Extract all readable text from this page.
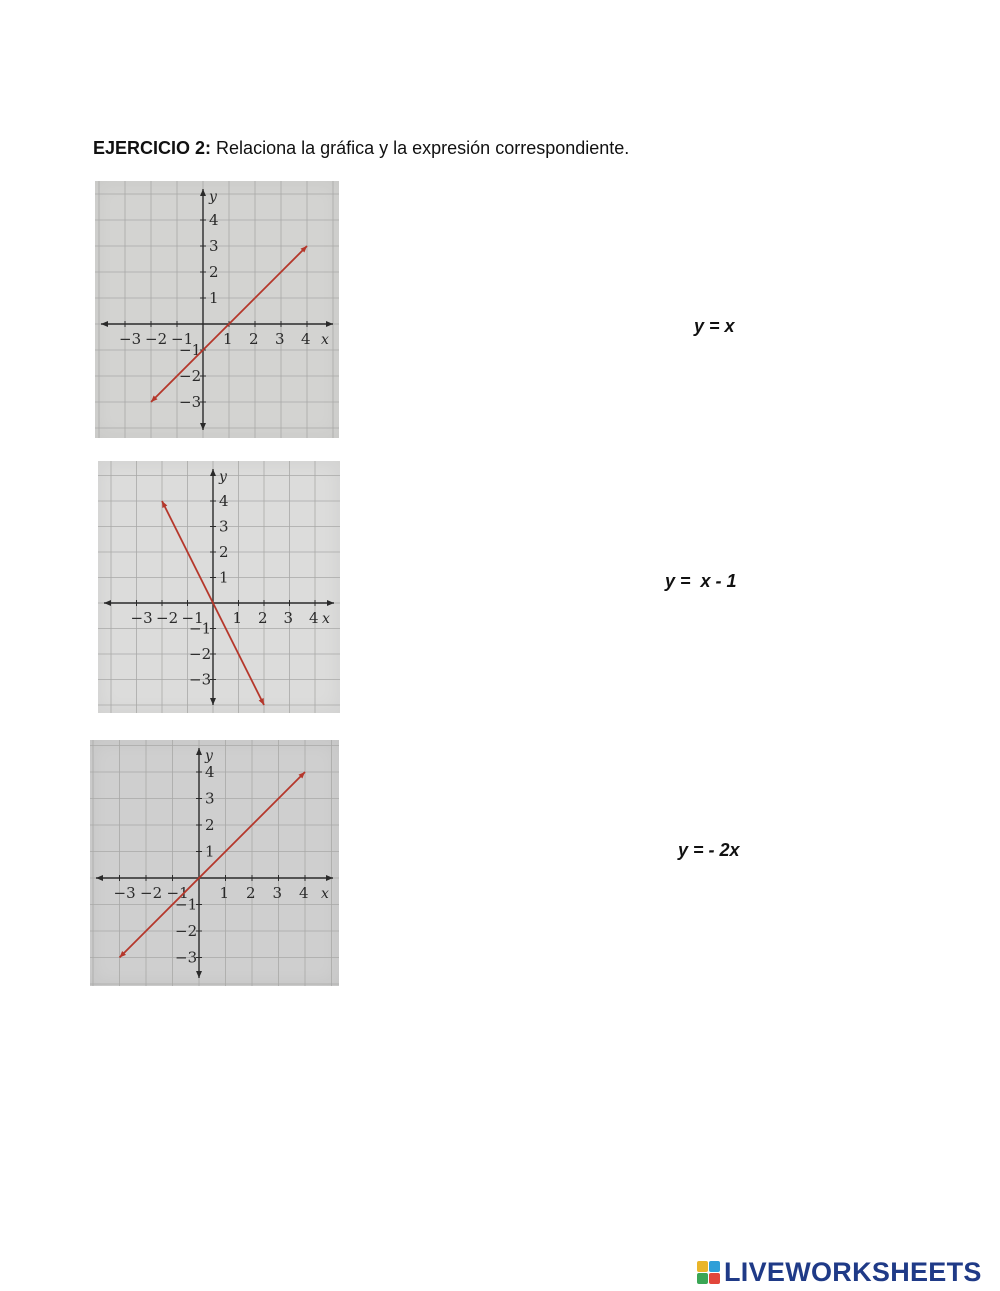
EJERCICIO 2: Relaciona la gráfica y la expresión correspondiente.
−3 −2 −1 1 2 3 4
4
3
2
1
−1
−2
−3
x
y
−3 −2 −1 1 2 3 4
4
3
2
1
−1
−2
−3
x
y
−3 −2 −1 1 2 3 4
4
3
2
1
−1
−2
−3
x
y
y = x
y =  x - 1
y = - 2x
LIVEWORKSHEETS
